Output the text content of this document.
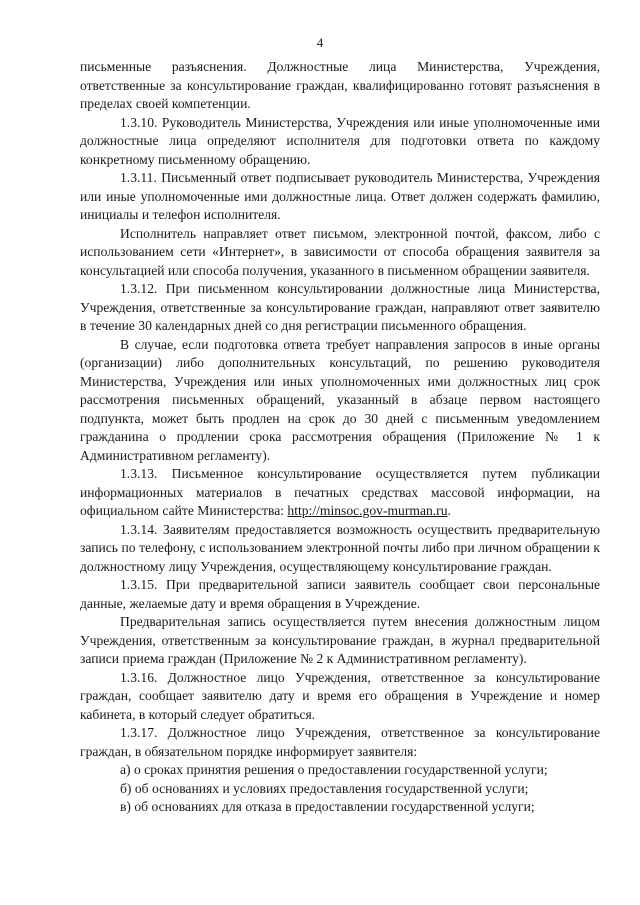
4

письменные разъяснения. Должностные лица Министерства, Учреждения, ответственные за консультирование граждан, квалифицированно готовят разъяснения в пределах своей компетенции.

1.3.10. Руководитель Министерства, Учреждения или иные уполномоченные ими должностные лица определяют исполнителя для подготовки ответа по каждому конкретному письменному обращению.

1.3.11. Письменный ответ подписывает руководитель Министерства, Учреждения или иные уполномоченные ими должностные лица. Ответ должен содержать фамилию, инициалы и телефон исполнителя.

Исполнитель направляет ответ письмом, электронной почтой, факсом, либо с использованием сети «Интернет», в зависимости от способа обращения заявителя за консультацией или способа получения, указанного в письменном обращении заявителя.

1.3.12. При письменном консультировании должностные лица Министерства, Учреждения, ответственные за консультирование граждан, направляют ответ заявителю в течение 30 календарных дней со дня регистрации письменного обращения.

В случае, если подготовка ответа требует направления запросов в иные органы (организации) либо дополнительных консультаций, по решению руководителя Министерства, Учреждения или иных уполномоченных ими должностных лиц срок рассмотрения письменных обращений, указанный в абзаце первом настоящего подпункта, может быть продлен на срок до 30 дней с письменным уведомлением гражданина о продлении срока рассмотрения обращения (Приложение № 1 к Административном регламенту).

1.3.13. Письменное консультирование осуществляется путем публикации информационных материалов в печатных средствах массовой информации, на официальном сайте Министерства: http://minsoc.gov-murman.ru.

1.3.14. Заявителям предоставляется возможность осуществить предварительную запись по телефону, с использованием электронной почты либо при личном обращении к должностному лицу Учреждения, осуществляющему консультирование граждан.

1.3.15. При предварительной записи заявитель сообщает свои персональные данные, желаемые дату и время обращения в Учреждение.

Предварительная запись осуществляется путем внесения должностным лицом Учреждения, ответственным за консультирование граждан, в журнал предварительной записи приема граждан (Приложение № 2 к Административном регламенту).

1.3.16. Должностное лицо Учреждения, ответственное за консультирование граждан, сообщает заявителю дату и время его обращения в Учреждение и номер кабинета, в который следует обратиться.

1.3.17. Должностное лицо Учреждения, ответственное за консультирование граждан, в обязательном порядке информирует заявителя:

а) о сроках принятия решения о предоставлении государственной услуги;

б) об основаниях и условиях предоставления государственной услуги;

в) об основаниях для отказа в предоставлении государственной услуги;
